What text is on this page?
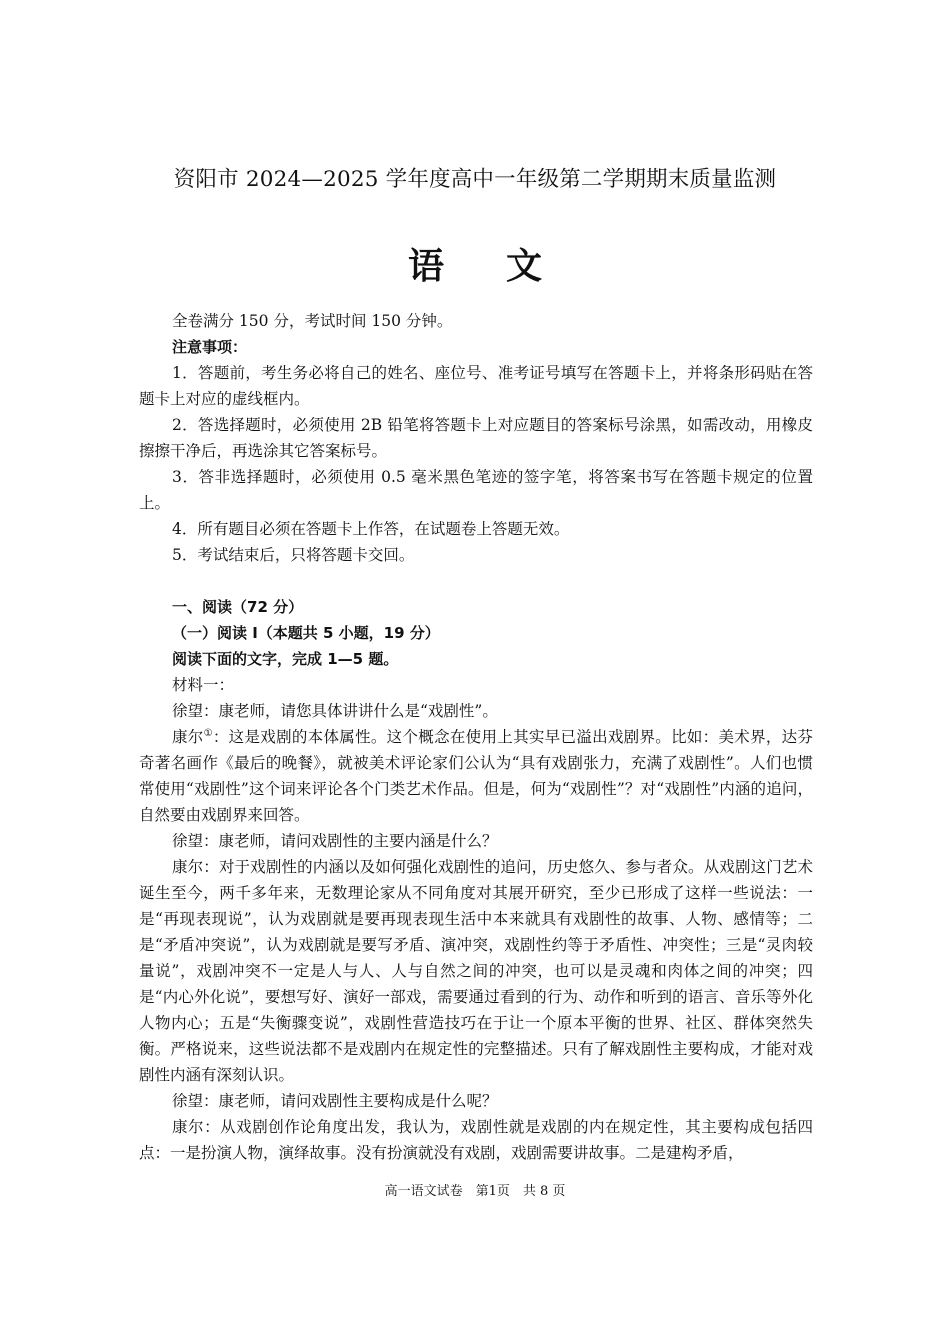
资阳市 2024—2025 学年度高中一年级第二学期期末质量监测
语文

全卷满分 150 分，考试时间 150 分钟。

注意事项：

1．答题前，考生务必将自己的姓名、座位号、准考证号填写在答题卡上，并将条形码贴在答题卡上对应的虚线框内。

2．答选择题时，必须使用 2B 铅笔将答题卡上对应题目的答案标号涂黑，如需改动，用橡皮擦擦干净后，再选涂其它答案标号。

3．答非选择题时，必须使用 0.5 毫米黑色笔迹的签字笔，将答案书写在答题卡规定的位置上。

4．所有题目必须在答题卡上作答，在试题卷上答题无效。

5．考试结束后，只将答题卡交回。

一、阅读（72 分）

（一）阅读 I（本题共 5 小题，19 分）

阅读下面的文字，完成 1—5 题。

材料一：

徐望：康老师，请您具体讲讲什么是“戏剧性”。

康尔①：这是戏剧的本体属性。这个概念在使用上其实早已溢出戏剧界。比如：美术界，达芬奇著名画作《最后的晚餐》，就被美术评论家们公认为“具有戏剧张力，充满了戏剧性”。人们也惯常使用“戏剧性”这个词来评论各个门类艺术作品。但是，何为“戏剧性”？对“戏剧性”内涵的追问，自然要由戏剧界来回答。

徐望：康老师，请问戏剧性的主要内涵是什么？

康尔：对于戏剧性的内涵以及如何强化戏剧性的追问，历史悠久、参与者众。从戏剧这门艺术诞生至今，两千多年来，无数理论家从不同角度对其展开研究，至少已形成了这样一些说法：一是“再现表现说”，认为戏剧就是要再现表现生活中本来就具有戏剧性的故事、人物、感情等；二是“矛盾冲突说”，认为戏剧就是要写矛盾、演冲突，戏剧性约等于矛盾性、冲突性；三是“灵肉较量说”，戏剧冲突不一定是人与人、人与自然之间的冲突，也可以是灵魂和肉体之间的冲突；四是“内心外化说”，要想写好、演好一部戏，需要通过看到的行为、动作和听到的语言、音乐等外化人物内心；五是“失衡骤变说”，戏剧性营造技巧在于让一个原本平衡的世界、社区、群体突然失衡。严格说来，这些说法都不是戏剧内在规定性的完整描述。只有了解戏剧性主要构成，才能对戏剧性内涵有深刻认识。

徐望：康老师，请问戏剧性主要构成是什么呢？

康尔：从戏剧创作论角度出发，我认为，戏剧性就是戏剧的内在规定性，其主要构成包括四点：一是扮演人物，演绎故事。没有扮演就没有戏剧，戏剧需要讲故事。二是建构矛盾，

高一语文试卷　第1页　共 8 页
